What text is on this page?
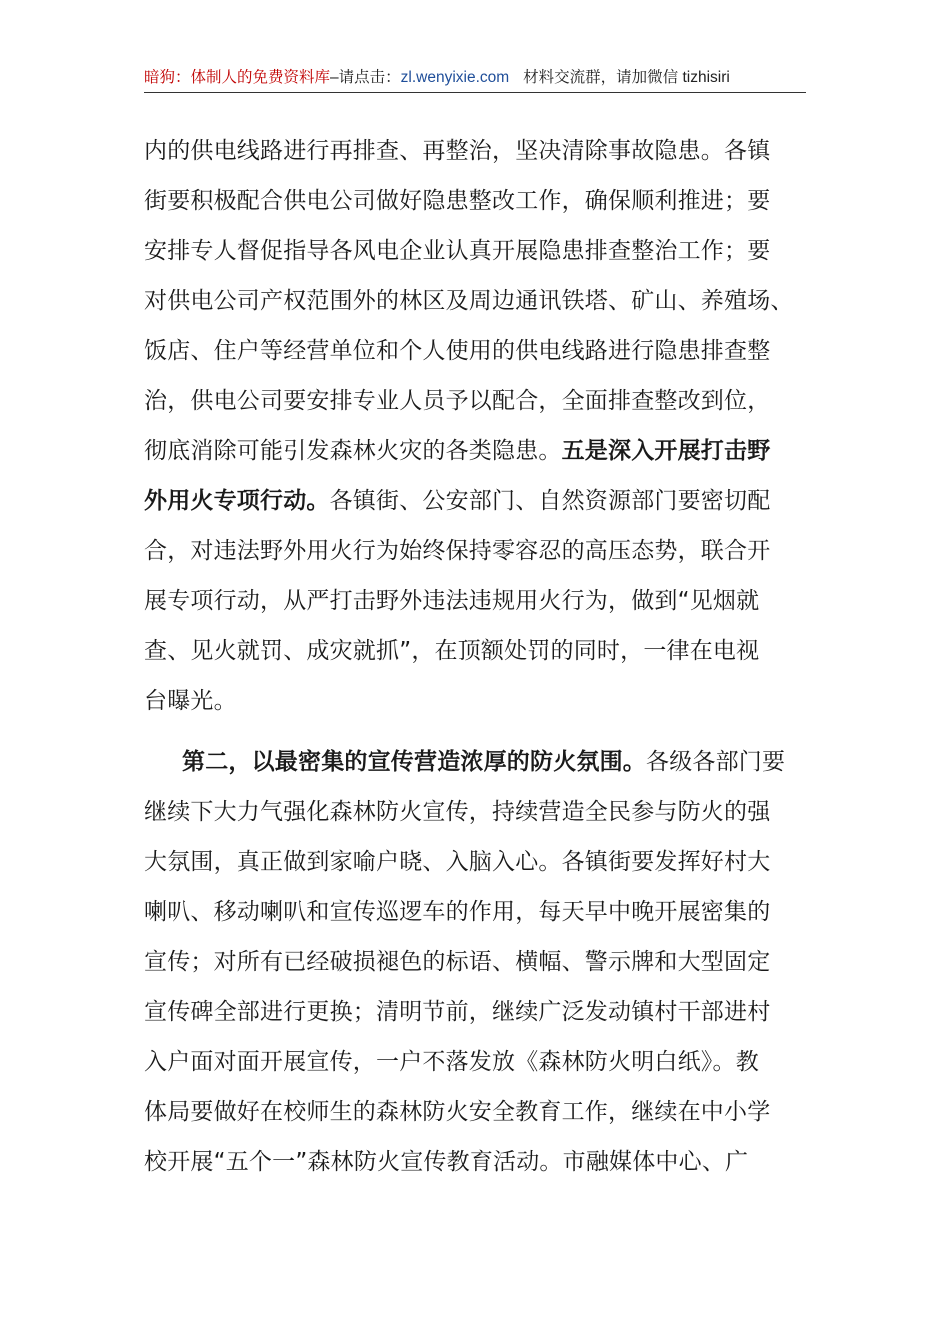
暗狗：体制人的免费资料库–请点击：zl.wenyixie.com 材料交流群，请加微信 tizhisiri

内的供电线路进行再排查、再整治，坚决清除事故隐患。各镇
街要积极配合供电公司做好隐患整改工作，确保顺利推进；要
安排专人督促指导各风电企业认真开展隐患排查整治工作；要
对供电公司产权范围外的林区及周边通讯铁塔、矿山、养殖场、
饭店、住户等经营单位和个人使用的供电线路进行隐患排查整
治，供电公司要安排专业人员予以配合，全面排查整改到位，
彻底消除可能引发森林火灾的各类隐患。五是深入开展打击野
外用火专项行动。各镇街、公安部门、自然资源部门要密切配
合，对违法野外用火行为始终保持零容忍的高压态势，联合开
展专项行动，从严打击野外违法违规用火行为，做到“见烟就
查、见火就罚、成灾就抓”，在顶额处罚的同时，一律在电视
台曝光。

第二，以最密集的宣传营造浓厚的防火氛围。各级各部门要
继续下大力气强化森林防火宣传，持续营造全民参与防火的强
大氛围，真正做到家喻户晓、入脑入心。各镇街要发挥好村大
喇叭、移动喇叭和宣传巡逻车的作用，每天早中晚开展密集的
宣传；对所有已经破损褪色的标语、横幅、警示牌和大型固定
宣传碑全部进行更换；清明节前，继续广泛发动镇村干部进村
入户面对面开展宣传，一户不落发放《森林防火明白纸》。教
体局要做好在校师生的森林防火安全教育工作，继续在中小学
校开展“五个一”森林防火宣传教育活动。市融媒体中心、广
